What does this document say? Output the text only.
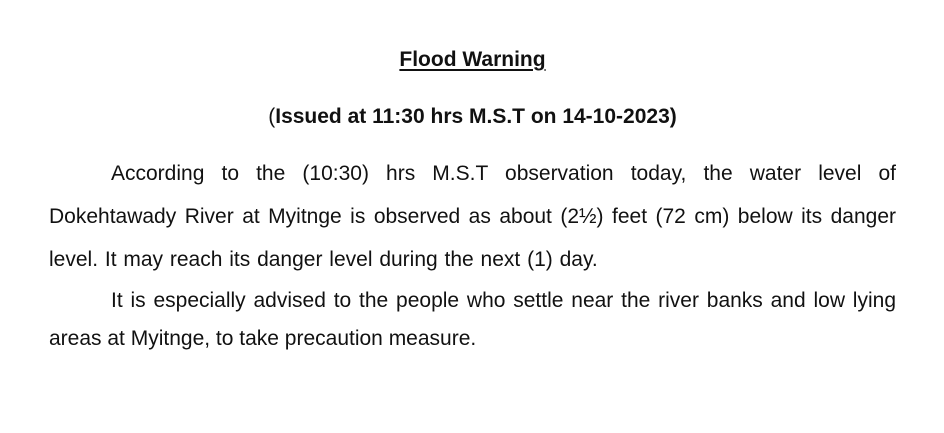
Flood Warning
(Issued at 11:30 hrs M.S.T on 14-10-2023)

According to the (10:30) hrs M.S.T observation today, the water level of Dokehtawady River at Myitnge is observed as about (2½) feet (72 cm) below its danger level. It may reach its danger level during the next (1) day.

It is especially advised to the people who settle near the river banks and low lying areas at Myitnge, to take precaution measure.
